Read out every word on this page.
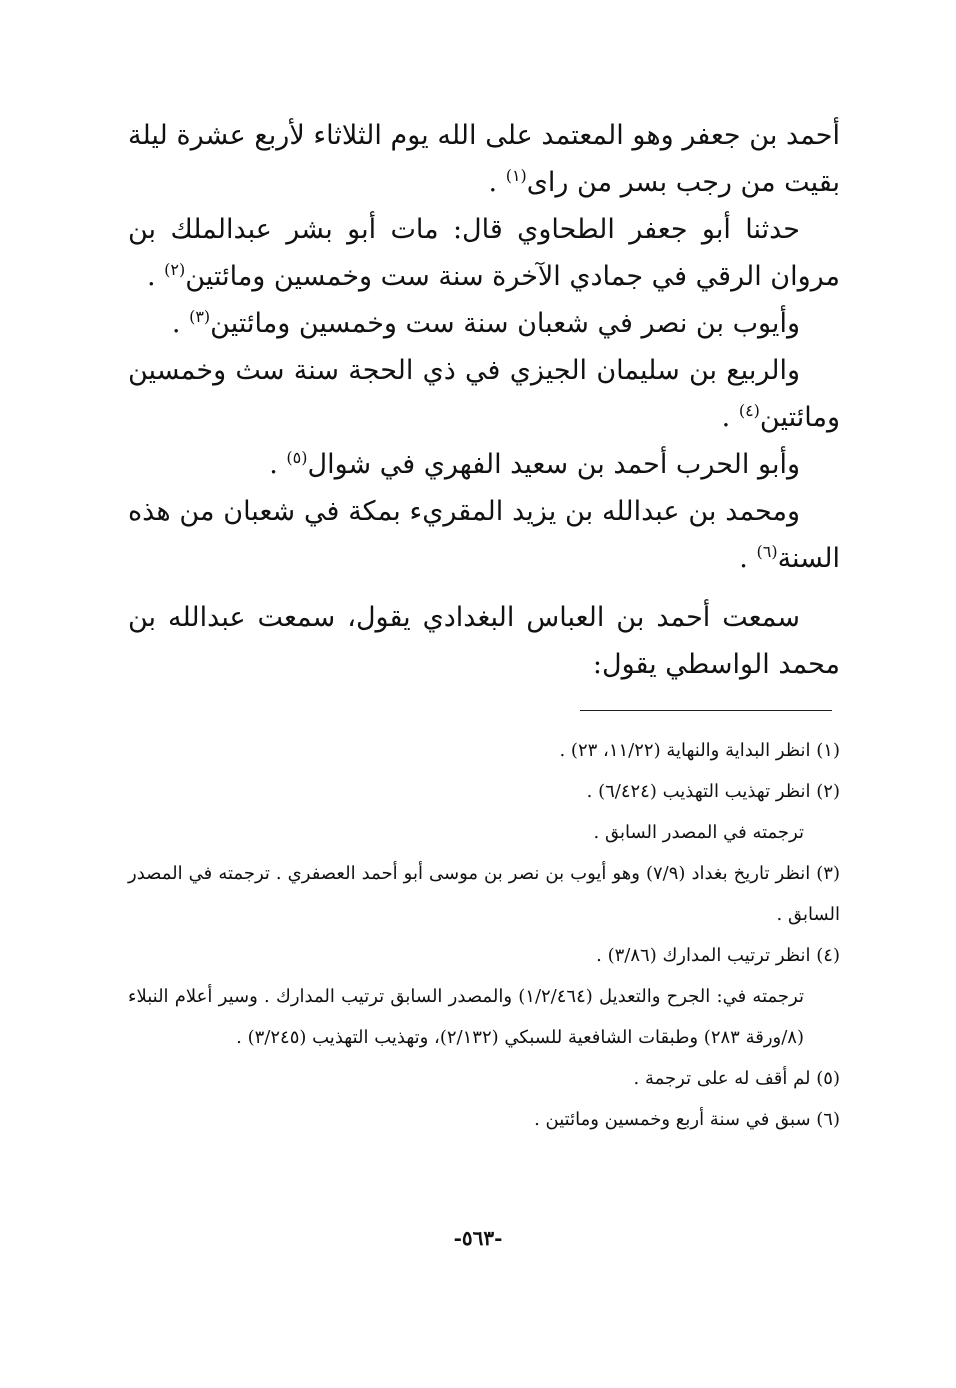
أحمد بن جعفر وهو المعتمد على الله يوم الثلاثاء لأربع عشرة ليلة بقيت من رجب بسر من راى$^{(١)}$ .

حدثنا أبو جعفر الطحاوي قال: مات أبو بشر عبدالملك بن مروان الرقي في جمادي الآخرة سنة ست وخمسين ومائتين$^{(٢)}$ .

وأيوب بن نصر في شعبان سنة ست وخمسين ومائتين$^{(٣)}$ .

والربيع بن سليمان الجيزي في ذي الحجة سنة سث وخمسين ومائتين$^{(٤)}$ .

وأبو الحرب أحمد بن سعيد الفهري في شوال$^{(٥)}$ .

ومحمد بن عبدالله بن يزيد المقريء بمكة في شعبان من هذه السنة$^{(٦)}$ .

سمعت أحمد بن العباس البغدادي يقول، سمعت عبدالله بن محمد الواسطي يقول:

(١) انظر البداية والنهاية (١١/٢٢، ٢٣) .

(٢) انظر تهذيب التهذيب (٦/٤٢٤) .

ترجمته في المصدر السابق .

(٣) انظر تاريخ بغداد (٧/٩) وهو أيوب بن نصر بن موسى أبو أحمد العصفري . ترجمته في المصدر السابق .

(٤) انظر ترتيب المدارك (٣/٨٦) .

ترجمته في: الجرح والتعديل (١/٢/٤٦٤) والمصدر السابق ترتيب المدارك . وسير أعلام النبلاء (٨/ورقة ٢٨٣) وطبقات الشافعية للسبكي (٢/١٣٢)، وتهذيب التهذيب (٣/٢٤٥) .

(٥) لم أقف له على ترجمة .

(٦) سبق في سنة أربع وخمسين ومائتين .

-٥٦٣-
